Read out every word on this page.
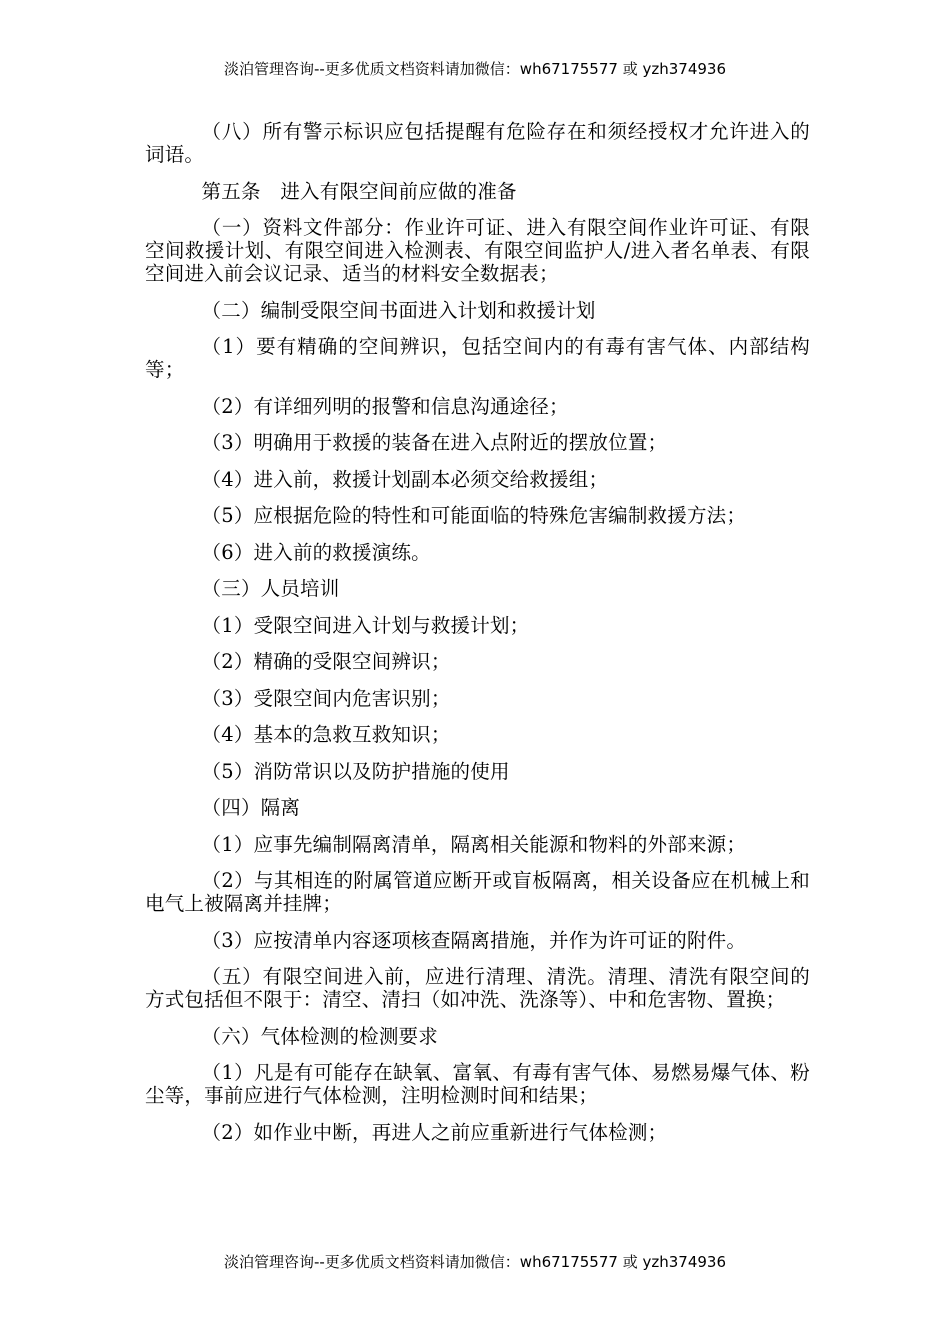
淡泊管理咨询--更多优质文档资料请加微信：wh67175577 或 yzh374936

（八）所有警示标识应包括提醒有危险存在和须经授权才允许进入的词语。

第五条　进入有限空间前应做的准备

（一）资料文件部分：作业许可证、进入有限空间作业许可证、有限空间救援计划、有限空间进入检测表、有限空间监护人/进入者名单表、有限空间进入前会议记录、适当的材料安全数据表；

（二）编制受限空间书面进入计划和救援计划

（1）要有精确的空间辨识，包括空间内的有毒有害气体、内部结构等；

（2）有详细列明的报警和信息沟通途径；

（3）明确用于救援的装备在进入点附近的摆放位置；

（4）进入前，救援计划副本必须交给救援组；

（5）应根据危险的特性和可能面临的特殊危害编制救援方法；

（6）进入前的救援演练。

（三）人员培训

（1）受限空间进入计划与救援计划；

（2）精确的受限空间辨识；

（3）受限空间内危害识别；

（4）基本的急救互救知识；

（5）消防常识以及防护措施的使用

（四）隔离

（1）应事先编制隔离清单，隔离相关能源和物料的外部来源；

（2）与其相连的附属管道应断开或盲板隔离，相关设备应在机械上和电气上被隔离并挂牌；

（3）应按清单内容逐项核查隔离措施，并作为许可证的附件。

（五）有限空间进入前，应进行清理、清洗。清理、清洗有限空间的方式包括但不限于：清空、清扫（如冲洗、洗涤等）、中和危害物、置换；

（六）气体检测的检测要求

（1）凡是有可能存在缺氧、富氧、有毒有害气体、易燃易爆气体、粉尘等，事前应进行气体检测，注明检测时间和结果；

（2）如作业中断，再进人之前应重新进行气体检测；

淡泊管理咨询--更多优质文档资料请加微信：wh67175577 或 yzh374936
